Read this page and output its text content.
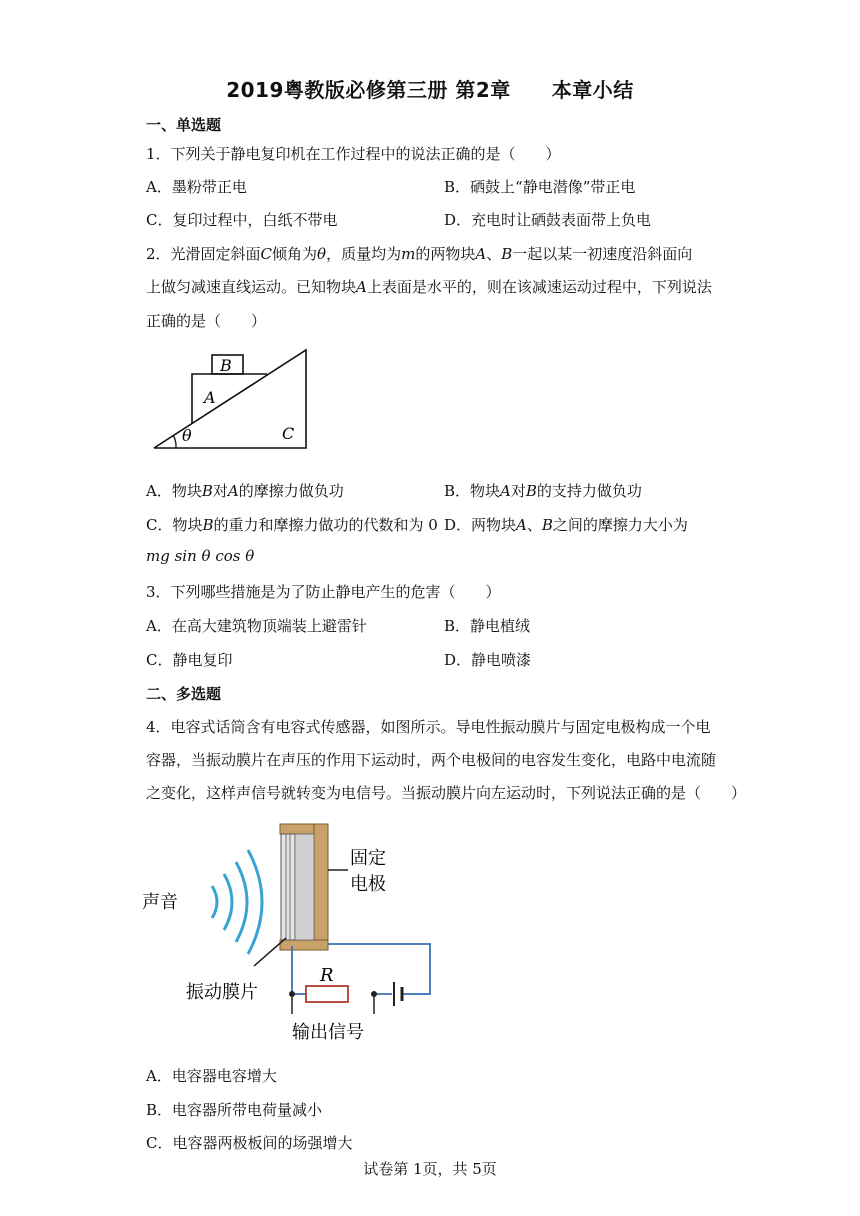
2019粤教版必修第三册 第2章　　本章小结
一、单选题
1．下列关于静电复印机在工作过程中的说法正确的是（　　）
A．墨粉带正电	B．硒鼓上“静电潜像”带正电
C．复印过程中，白纸不带电	D．充电时让硒鼓表面带上负电
2．光滑固定斜面C倾角为θ，质量均为m的两物块A、B一起以某一初速度沿斜面向
上做匀减速直线运动。已知物块A上表面是水平的，则在该减速运动过程中，下列说法
正确的是（　　）
B
A
θ	C
A．物块B对A的摩擦力做负功	B．物块A对B的支持力做负功
C．物块B的重力和摩擦力做功的代数和为 0 D．两物块A、B之间的摩擦力大小为
mg sin θ cos θ
3．下列哪些措施是为了防止静电产生的危害（　　）
A．在高大建筑物顶端装上避雷针	B．静电植绒
C．静电复印	D．静电喷漆
二、多选题
4．电容式话筒含有电容式传感器，如图所示。导电性振动膜片与固定电极构成一个电
容器，当振动膜片在声压的作用下运动时，两个电极间的电容发生变化，电路中电流随
之变化，这样声信号就转变为电信号。当振动膜片向左运动时，下列说法正确的是（　　）
声音
固定
电极
振动膜片
R
输出信号
A．电容器电容增大
B．电容器所带电荷量减小
C．电容器两极板间的场强增大
试卷第 1页，共 5页
